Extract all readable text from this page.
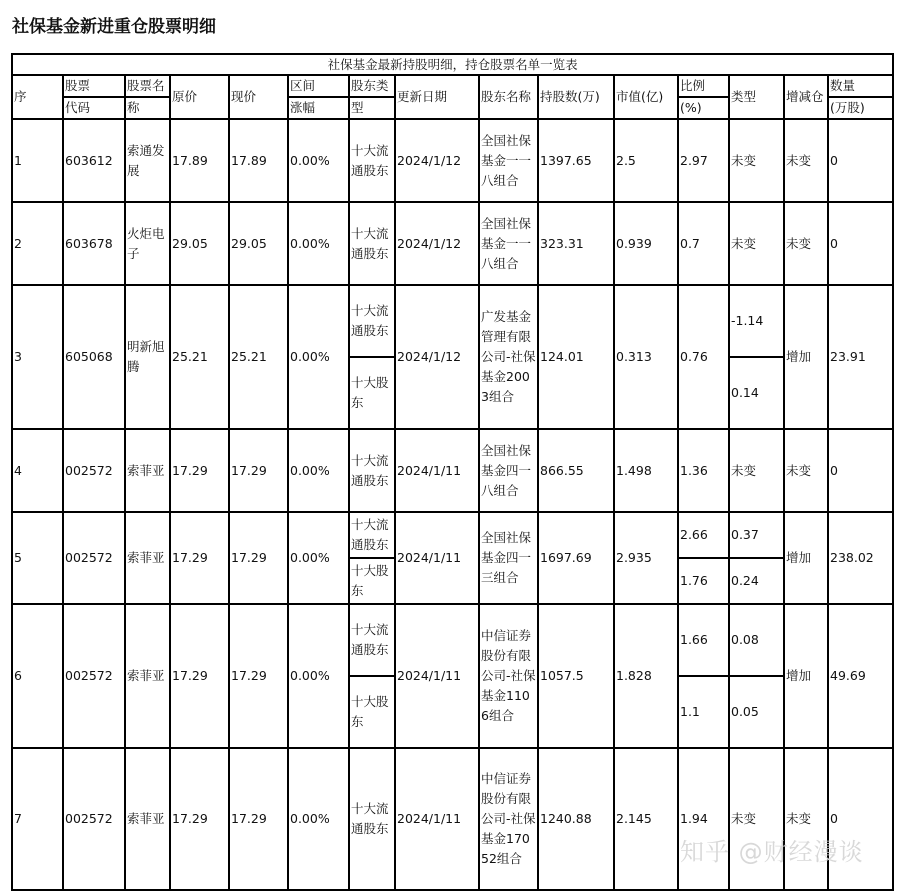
社保基金新进重仓股票明细
社保基金最新持股明细，持仓股票名单一览表														
序	股票	股票名	原价	现价	区间	股东类	更新日期	股东名称	持股数(万)	市值(亿)	比例	类型	增减仓	数量
	代码	称			涨幅	型					(%)			(万股)
1	603612	索通发展	17.89	17.89	0.00%	十大流通股东	2024/1/12	全国社保基金一一八组合	1397.65	2.5	2.97	未变	未变	0
2	603678	火炬电子	29.05	29.05	0.00%	十大流通股东	2024/1/12	全国社保基金一一八组合	323.31	0.939	0.7	未变	未变	0
3	605068	明新旭腾	25.21	25.21	0.00%	十大流通股东	2024/1/12	广发基金管理有限公司-社保基金2003组合	124.01	0.313	0.76	-1.14	增加	23.91
						十大股东						0.14		
4	002572	索菲亚	17.29	17.29	0.00%	十大流通股东	2024/1/11	全国社保基金四一八组合	866.55	1.498	1.36	未变	未变	0
5	002572	索菲亚	17.29	17.29	0.00%	十大流通股东	2024/1/11	全国社保基金四一三组合	1697.69	2.935	2.66	0.37	增加	238.02
						十大股东					1.76	0.24		
6	002572	索菲亚	17.29	17.29	0.00%	十大流通股东	2024/1/11	中信证券股份有限公司-社保基金1106组合	1057.5	1.828	1.66	0.08	增加	49.69
						十大股东					1.1	0.05		
7	002572	索菲亚	17.29	17.29	0.00%	十大流通股东	2024/1/11	中信证券股份有限公司-社保基金17052组合	1240.88	2.145	1.94	未变	未变	0
知乎 @财经漫谈
